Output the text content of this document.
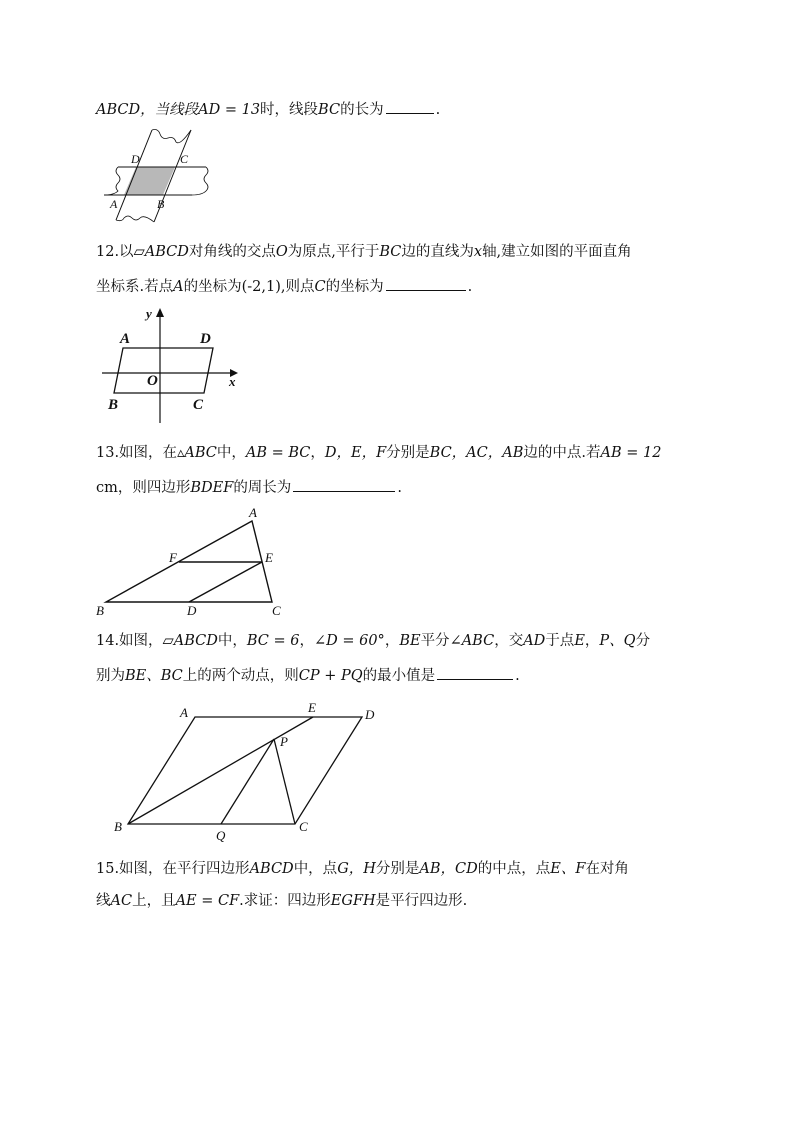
ABCD，当线段AD = 13时，线段BC的长为	.
D	C
A	B
12.以▱ABCD对角线的交点O为原点,平行于BC边的直线为x轴,建立如图的平面直角
坐标系.若点A的坐标为(-2,1),则点C的坐标为	.
y
A	D
O	x
B	C
13.如图，在▵ABC中，AB = BC，D，E，F分别是BC，AC，AB边的中点.若AB = 12
cm，则四边形BDEF的周长为	.
A
F	E
B	D	C
14.如图，▱ABCD中，BC = 6，∠D = 60°，BE平分∠ABC，交AD于点E，P、Q分
别为BE、BC上的两个动点，则CP + PQ的最小值是	.
A	E	D
P
B
Q
C
15.如图，在平行四边形ABCD中，点G，H分别是AB，CD的中点，点E、F在对角
线AC上，且AE = CF.求证：四边形EGFH是平行四边形.
